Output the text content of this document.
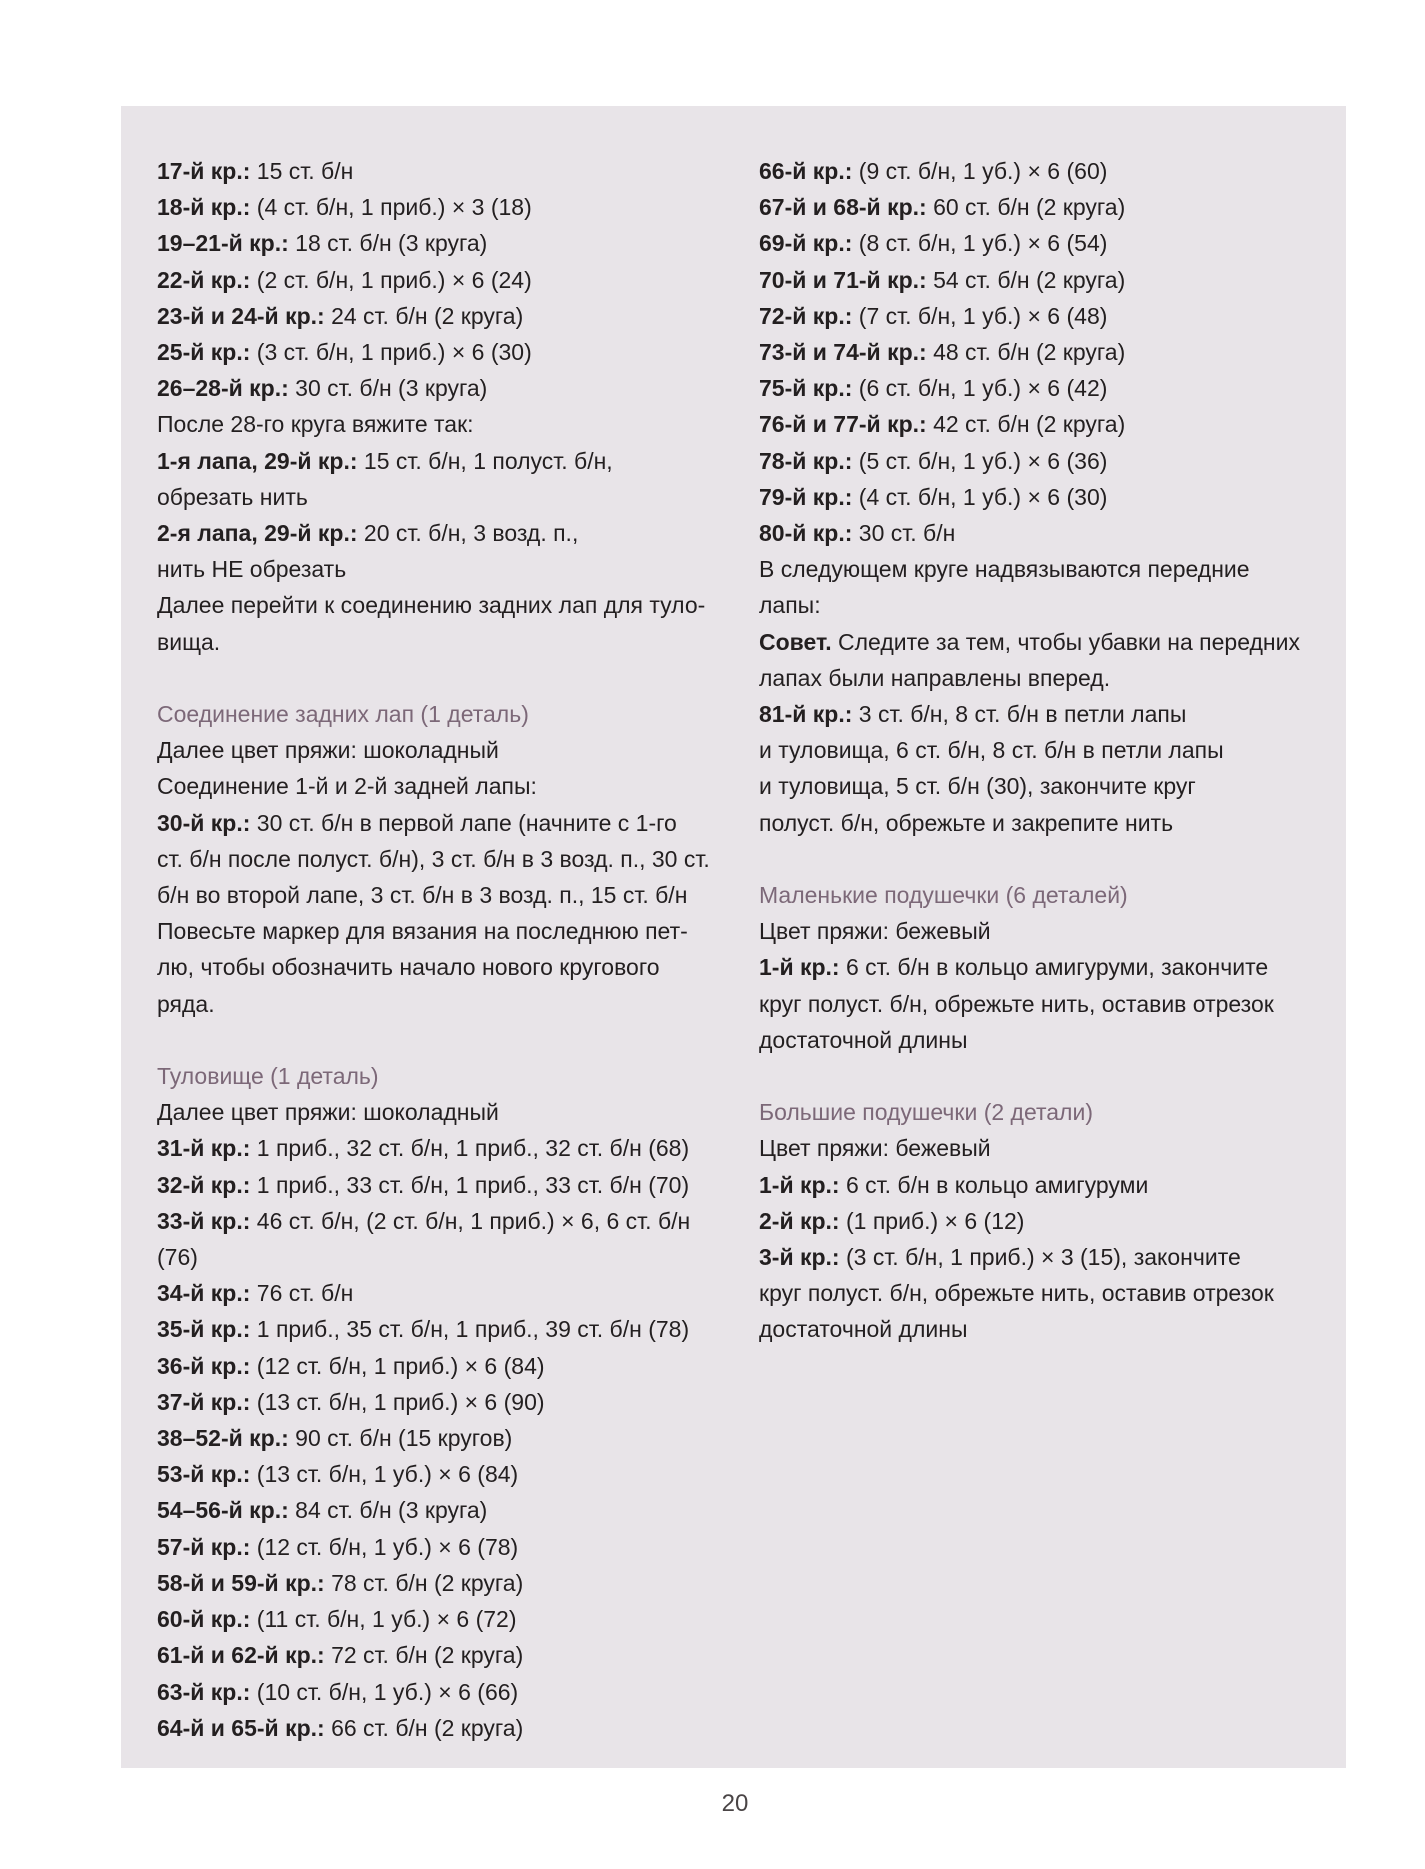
17-й кр.: 15 ст. б/н
18-й кр.: (4 ст. б/н, 1 приб.) × 3 (18)
19–21-й кр.: 18 ст. б/н (3 круга)
22-й кр.: (2 ст. б/н, 1 приб.) × 6 (24)
23-й и 24-й кр.: 24 ст. б/н (2 круга)
25-й кр.: (3 ст. б/н, 1 приб.) × 6 (30)
26–28-й кр.: 30 ст. б/н (3 круга)
После 28-го круга вяжите так:
1-я лапа, 29-й кр.: 15 ст. б/н, 1 полуст. б/н,
обрезать нить
2-я лапа, 29-й кр.: 20 ст. б/н, 3 возд. п.,
нить НЕ обрезать
Далее перейти к соединению задних лап для туло-
вища.
Соединение задних лап (1 деталь)
Далее цвет пряжи: шоколадный
Соединение 1-й и 2-й задней лапы:
30-й кр.: 30 ст. б/н в первой лапе (начните с 1-го
ст. б/н после полуст. б/н), 3 ст. б/н в 3 возд. п., 30 ст.
б/н во второй лапе, 3 ст. б/н в 3 возд. п., 15 ст. б/н
Повесьте маркер для вязания на последнюю пет-
лю, чтобы обозначить начало нового кругового
ряда.
Туловище (1 деталь)
Далее цвет пряжи: шоколадный
31-й кр.: 1 приб., 32 ст. б/н, 1 приб., 32 ст. б/н (68)
32-й кр.: 1 приб., 33 ст. б/н, 1 приб., 33 ст. б/н (70)
33-й кр.: 46 ст. б/н, (2 ст. б/н, 1 приб.) × 6, 6 ст. б/н
(76)
34-й кр.: 76 ст. б/н
35-й кр.: 1 приб., 35 ст. б/н, 1 приб., 39 ст. б/н (78)
36-й кр.: (12 ст. б/н, 1 приб.) × 6 (84)
37-й кр.: (13 ст. б/н, 1 приб.) × 6 (90)
38–52-й кр.: 90 ст. б/н (15 кругов)
53-й кр.: (13 ст. б/н, 1 уб.) × 6 (84)
54–56-й кр.: 84 ст. б/н (3 круга)
57-й кр.: (12 ст. б/н, 1 уб.) × 6 (78)
58-й и 59-й кр.: 78 ст. б/н (2 круга)
60-й кр.: (11 ст. б/н, 1 уб.) × 6 (72)
61-й и 62-й кр.: 72 ст. б/н (2 круга)
63-й кр.: (10 ст. б/н, 1 уб.) × 6 (66)
64-й и 65-й кр.: 66 ст. б/н (2 круга)
66-й кр.: (9 ст. б/н, 1 уб.) × 6 (60)
67-й и 68-й кр.: 60 ст. б/н (2 круга)
69-й кр.: (8 ст. б/н, 1 уб.) × 6 (54)
70-й и 71-й кр.: 54 ст. б/н (2 круга)
72-й кр.: (7 ст. б/н, 1 уб.) × 6 (48)
73-й и 74-й кр.: 48 ст. б/н (2 круга)
75-й кр.: (6 ст. б/н, 1 уб.) × 6 (42)
76-й и 77-й кр.: 42 ст. б/н (2 круга)
78-й кр.: (5 ст. б/н, 1 уб.) × 6 (36)
79-й кр.: (4 ст. б/н, 1 уб.) × 6 (30)
80-й кр.: 30 ст. б/н
В следующем круге надвязываются передние
лапы:
Совет. Следите за тем, чтобы убавки на передних
лапах были направлены вперед.
81-й кр.: 3 ст. б/н, 8 ст. б/н в петли лапы
и туловища, 6 ст. б/н, 8 ст. б/н в петли лапы
и туловища, 5 ст. б/н (30), закончите круг
полуст. б/н, обрежьте и закрепите нить
Маленькие подушечки (6 деталей)
Цвет пряжи: бежевый
1-й кр.: 6 ст. б/н в кольцо амигуруми, закончите
круг полуст. б/н, обрежьте нить, оставив отрезок
достаточной длины
Большие подушечки (2 детали)
Цвет пряжи: бежевый
1-й кр.: 6 ст. б/н в кольцо амигуруми
2-й кр.: (1 приб.) × 6 (12)
3-й кр.: (3 ст. б/н, 1 приб.) × 3 (15), закончите
круг полуст. б/н, обрежьте нить, оставив отрезок
достаточной длины
20
